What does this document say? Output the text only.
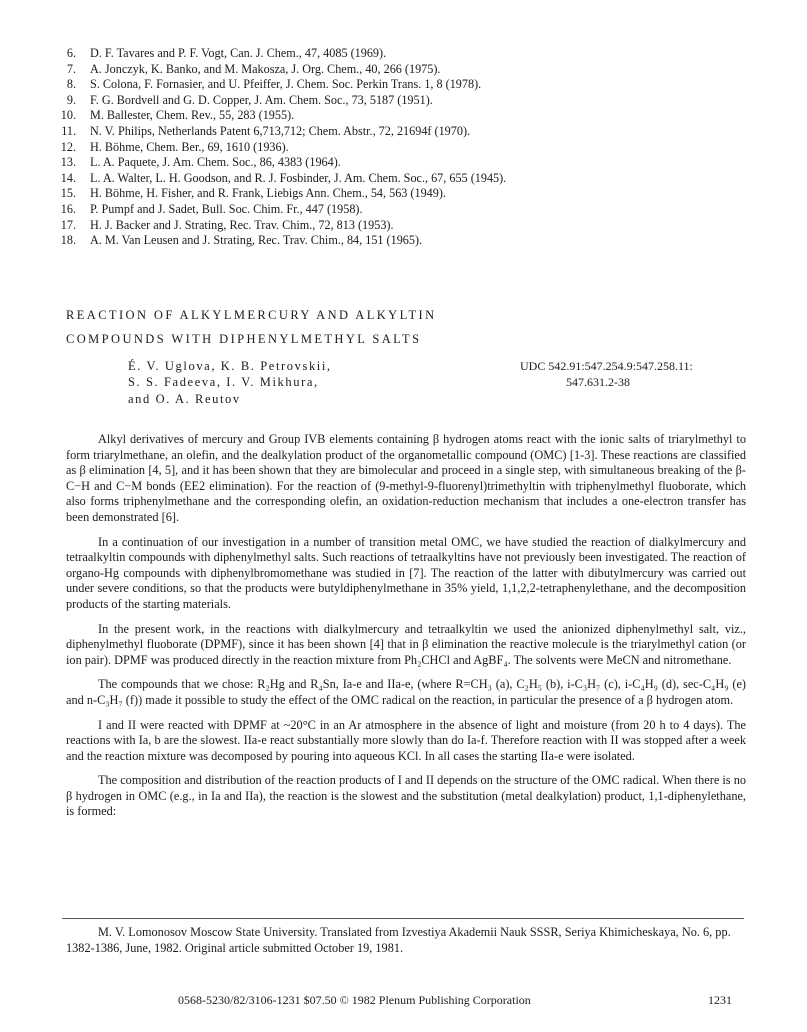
6.	D. F. Tavares and P. F. Vogt, Can. J. Chem., 47, 4085 (1969).
7.	A. Jonczyk, K. Banko, and M. Makosza, J. Org. Chem., 40, 266 (1975).
8.	S. Colona, F. Fornasier, and U. Pfeiffer, J. Chem. Soc. Perkin Trans. 1, 8 (1978).
9.	F. G. Bordvell and G. D. Copper, J. Am. Chem. Soc., 73, 5187 (1951).
10.	M. Ballester, Chem. Rev., 55, 283 (1955).
11.	N. V. Philips, Netherlands Patent 6,713,712; Chem. Abstr., 72, 21694f (1970).
12.	H. Böhme, Chem. Ber., 69, 1610 (1936).
13.	L. A. Paquete, J. Am. Chem. Soc., 86, 4383 (1964).
14.	L. A. Walter, L. H. Goodson, and R. J. Fosbinder, J. Am. Chem. Soc., 67, 655 (1945).
15.	H. Böhme, H. Fisher, and R. Frank, Liebigs Ann. Chem., 54, 563 (1949).
16.	P. Pumpf and J. Sadet, Bull. Soc. Chim. Fr., 447 (1958).
17.	H. J. Backer and J. Strating, Rec. Trav. Chim., 72, 813 (1953).
18.	A. M. Van Leusen and J. Strating, Rec. Trav. Chim., 84, 151 (1965).
REACTION OF ALKYLMERCURY AND ALKYLTIN
COMPOUNDS WITH DIPHENYLMETHYL SALTS
É. V. Uglova, K. B. Petrovskii,
S. S. Fadeeva, I. V. Mikhura,
and O. A. Reutov
UDC 542.91:547.254.9:547.258.11:
547.631.2-38

Alkyl derivatives of mercury and Group IVB elements containing β hydrogen atoms react with the ionic salts of triarylmethyl to form triarylmethane, an olefin, and the dealkylation product of the organometallic compound (OMC) [1-3]. These reactions are classified as β elimination [4, 5], and it has been shown that they are bimolecular and proceed in a single step, with simultaneous breaking of the β-C−H and C−M bonds (EE2 elimination). For the reaction of (9-methyl-9-fluorenyl)trimethyltin with triphenylmethyl fluoborate, which also forms triphenylmethane and the corresponding olefin, an oxidation-reduction mechanism that includes a one-electron transfer has been demonstrated [6].

In a continuation of our investigation in a number of transition metal OMC, we have studied the reaction of dialkylmercury and tetraalkyltin compounds with diphenylmethyl salts. Such reactions of tetraalkyltins have not previously been investigated. The reaction of organo-Hg compounds with diphenylbromomethane was studied in [7]. The reaction of the latter with dibutylmercury was carried out under severe conditions, so that the products were butyldiphenylmethane in 35% yield, 1,1,2,2-tetraphenylethane, and the decomposition products of the starting materials.

In the present work, in the reactions with dialkylmercury and tetraalkyltin we used the anionized diphenylmethyl salt, viz., diphenylmethyl fluoborate (DPMF), since it has been shown [4] that in β elimination the reactive molecule is the triarylmethyl cation (or ion pair). DPMF was produced directly in the reaction mixture from Ph₂CHCl and AgBF₄. The solvents were MeCN and nitromethane.

The compounds that we chose: R₂Hg and R₄Sn, Ia-e and IIa-e, (where R=CH₃ (a), C₂H₅ (b), i-C₃H₇ (c), i-C₄H₉ (d), sec-C₄H₉ (e) and n-C₃H₇ (f)) made it possible to study the effect of the OMC radical on the reaction, in particular the presence of a β hydrogen atom.

I and II were reacted with DPMF at ~20°C in an Ar atmosphere in the absence of light and moisture (from 20 h to 4 days). The reactions with Ia, b are the slowest. IIa-e react substantially more slowly than do Ia-f. Therefore reaction with II was stopped after a week and the reaction mixture was decomposed by pouring into aqueous KCl. In all cases the starting IIa-e were isolated.

The composition and distribution of the reaction products of I and II depends on the structure of the OMC radical. When there is no β hydrogen in OMC (e.g., in Ia and IIa), the reaction is the slowest and the substitution (metal dealkylation) product, 1,1-diphenylethane, is formed:

M. V. Lomonosov Moscow State University. Translated from Izvestiya Akademii Nauk SSSR, Seriya Khimicheskaya, No. 6, pp. 1382-1386, June, 1982. Original article submitted October 19, 1981.
0568-5230/82/3106-1231 $07.50 © 1982 Plenum Publishing Corporation	1231
